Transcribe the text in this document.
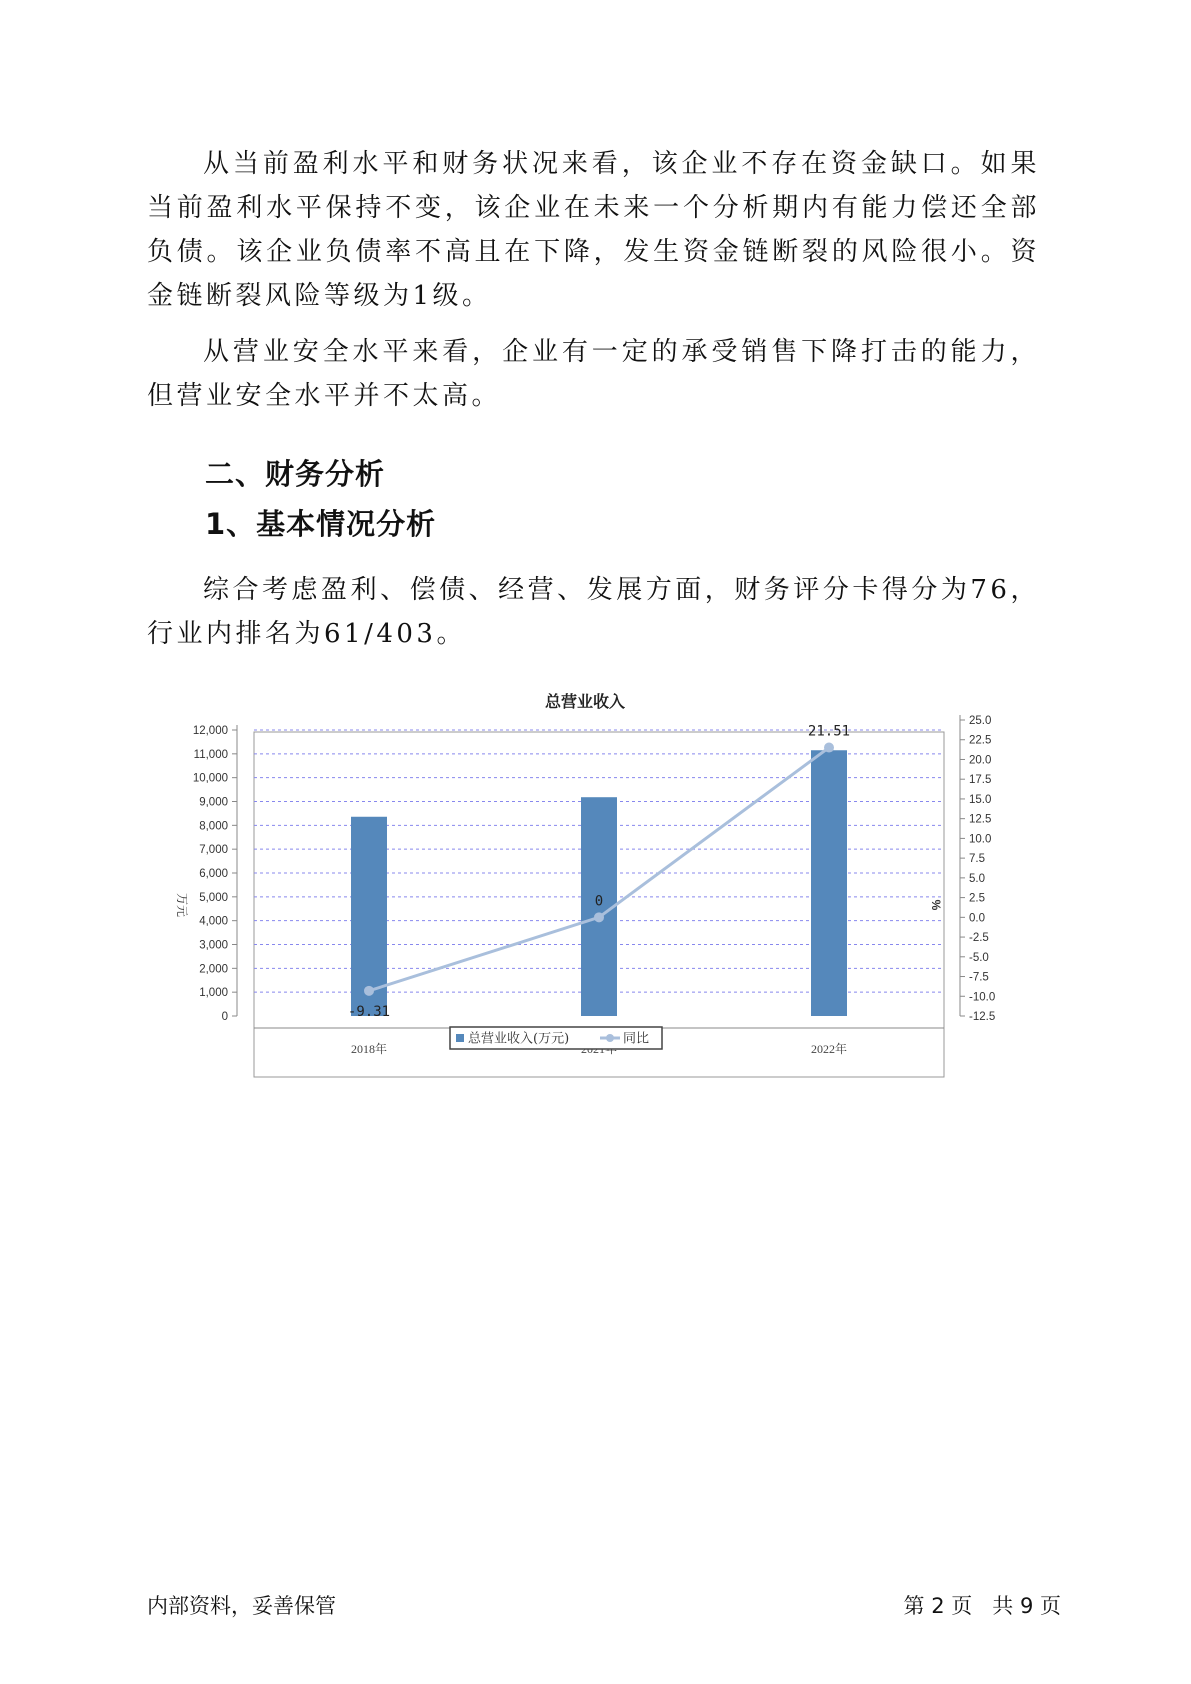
从当前盈利水平和财务状况来看，该企业不存在资金缺口。如果当前盈利水平保持不变，该企业在未来一个分析期内有能力偿还全部负债。该企业负债率不高且在下降，发生资金链断裂的风险很小。资金链断裂风险等级为1级。

从营业安全水平来看，企业有一定的承受销售下降打击的能力，但营业安全水平并不太高。

二、财务分析
1、基本情况分析

综合考虑盈利、偿债、经营、发展方面，财务评分卡得分为76，行业内排名为61/403。

总营业收入
0
1,000
2,000
3,000
4,000
5,000
6,000
7,000
8,000
9,000
10,000
11,000
12,000
-12.5
-10.0
-7.5
-5.0
-2.5
0.0
2.5
5.0
7.5
10.0
12.5
15.0
17.5
20.0
22.5
25.0
-9.31
0
21.51
2018年	2022年
万元	%
总营业收入(万元)	同比
内部资料，妥善保管	第 2 页   共 9 页
